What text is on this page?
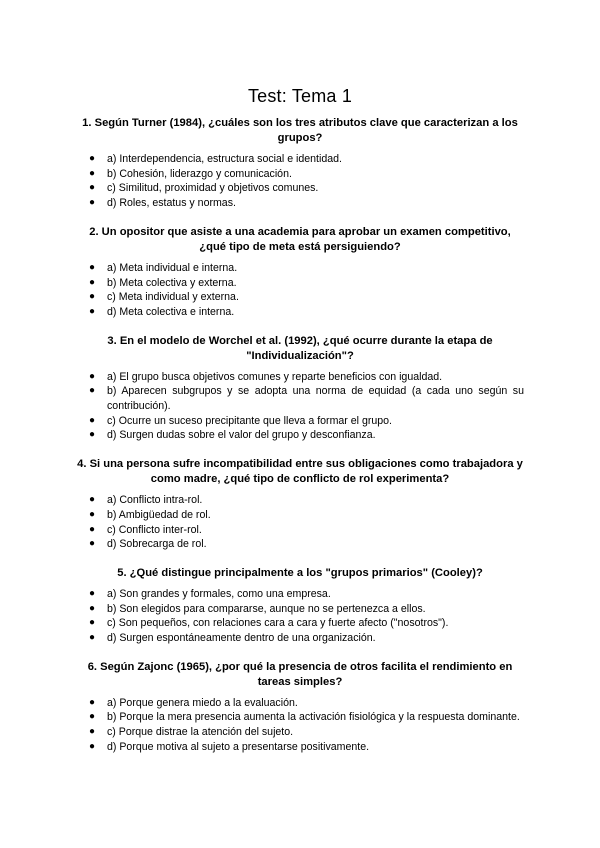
Test: Tema 1

1. Según Turner (1984), ¿cuáles son los tres atributos clave que caracterizan a los grupos?

● a) Interdependencia, estructura social e identidad.
● b) Cohesión, liderazgo y comunicación.
● c) Similitud, proximidad y objetivos comunes.
● d) Roles, estatus y normas.

2. Un opositor que asiste a una academia para aprobar un examen competitivo, ¿qué tipo de meta está persiguiendo?

● a) Meta individual e interna.
● b) Meta colectiva y externa.
● c) Meta individual y externa.
● d) Meta colectiva e interna.

3. En el modelo de Worchel et al. (1992), ¿qué ocurre durante la etapa de "Individualización"?

● a) El grupo busca objetivos comunes y reparte beneficios con igualdad.
● b) Aparecen subgrupos y se adopta una norma de equidad (a cada uno según su contribución).
● c) Ocurre un suceso precipitante que lleva a formar el grupo.
● d) Surgen dudas sobre el valor del grupo y desconfianza.

4. Si una persona sufre incompatibilidad entre sus obligaciones como trabajadora y como madre, ¿qué tipo de conflicto de rol experimenta?

● a) Conflicto intra-rol.
● b) Ambigüedad de rol.
● c) Conflicto inter-rol.
● d) Sobrecarga de rol.

5. ¿Qué distingue principalmente a los "grupos primarios" (Cooley)?

● a) Son grandes y formales, como una empresa.
● b) Son elegidos para compararse, aunque no se pertenezca a ellos.
● c) Son pequeños, con relaciones cara a cara y fuerte afecto ("nosotros").
● d) Surgen espontáneamente dentro de una organización.

6. Según Zajonc (1965), ¿por qué la presencia de otros facilita el rendimiento en tareas simples?

● a) Porque genera miedo a la evaluación.
● b) Porque la mera presencia aumenta la activación fisiológica y la respuesta dominante.
● c) Porque distrae la atención del sujeto.
● d) Porque motiva al sujeto a presentarse positivamente.
